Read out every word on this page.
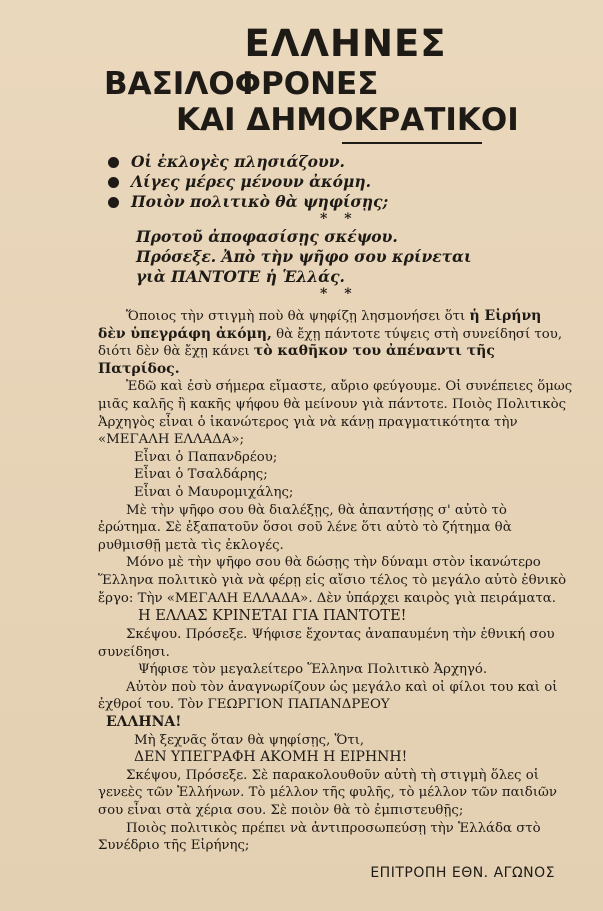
ΕΛΛΗΝΕΣ
ΒΑΣΙΛΟΦΡΟΝΕΣ
ΚΑΙ ΔΗΜΟΚΡΑΤΙΚΟΙ
Οἱ ἐκλογὲς πλησιάζουν.
Λίγες μέρες μένουν ἀκόμη.
Ποιὸν πολιτικὸ θὰ ψηφίσῃς;
* *
Προτοῦ ἀποφασίσῃς σκέψου.
Πρόσεξε. Ἀπὸ τὴν ψῆφο σου κρίνεται
γιὰ ΠΑΝΤΟΤΕ ἡ Ἑλλάς.
* *
Ὅποιος τὴν στιγμὴ ποὺ θὰ ψηφίζῃ λησμονήσει ὅτι ἡ Εἰρήνη δὲν ὑπεγράφη ἀκόμη, θὰ ἔχῃ πάντοτε τύψεις στὴ συνείδησί του, διότι δὲν θὰ ἔχῃ κάνει τὸ καθῆκον του ἀπέναντι τῆς Πατρίδος.
Ἐδῶ καὶ ἐσὺ σήμερα εἴμαστε, αὔριο φεύγουμε. Οἱ συνέπειες ὅμως μιᾶς καλῆς ἢ κακῆς ψήφου θὰ μείνουν γιὰ πάντοτε. Ποιὸς Πολιτικὸς Ἀρχηγὸς εἶναι ὁ ἱκανώτερος γιὰ νὰ κάνῃ πραγματικότητα τὴν «ΜΕΓΑΛΗ ΕΛΛΑΔΑ»;
Εἶναι ὁ Παπανδρέου;
Εἶναι ὁ Τσαλδάρης;
Εἶναι ὁ Μαυρομιχάλης;
Μὲ τὴν ψῆφο σου θὰ διαλέξῃς, θὰ ἀπαντήσῃς σ' αὐτὸ τὸ ἐρώτημα. Σὲ ἐξαπατοῦν ὅσοι σοῦ λένε ὅτι αὐτὸ τὸ ζήτημα θὰ ρυθμισθῇ μετὰ τὶς ἐκλογές.
Μόνο μὲ τὴν ψῆφο σου θὰ δώσῃς τὴν δύναμι στὸν ἱκανώτερο Ἕλληνα πολιτικὸ γιὰ νὰ φέρῃ εἰς αἴσιο τέλος τὸ μεγάλο αὐτὸ ἐθνικὸ ἔργο: Τὴν «ΜΕΓΑΛΗ ΕΛΛΑΔΑ». Δὲν ὑπάρχει καιρὸς γιὰ πειράματα.
Η ΕΛΛΑΣ ΚΡΙΝΕΤΑΙ ΓΙΑ ΠΑΝΤΟΤΕ!
Σκέψου. Πρόσεξε. Ψήφισε ἔχοντας ἀναπαυμένη τὴν ἐθνική σου συνείδησι.
Ψήφισε τὸν μεγαλείτερο Ἕλληνα Πολιτικὸ Ἀρχηγό.
Αὐτὸν ποὺ τὸν ἀναγνωρίζουν ὡς μεγάλο καὶ οἱ φίλοι του καὶ οἱ ἐχθροί του. Τὸν ΓΕΩΡΓΙΟΝ ΠΑΠΑΝΔΡΕΟΥ
ΕΛΛΗΝΑ!
Μὴ ξεχνᾶς ὅταν θὰ ψηφίσῃς, Ὅτι,
ΔΕΝ ΥΠΕΓΡΑΦΗ ΑΚΟΜΗ Η ΕΙΡΗΝΗ!
Σκέψου, Πρόσεξε. Σὲ παρακολουθοῦν αὐτὴ τὴ στιγμὴ ὅλες οἱ γενεὲς τῶν Ἑλλήνων. Τὸ μέλλον τῆς φυλῆς, τὸ μέλλον τῶν παιδιῶν σου εἶναι στὰ χέρια σου. Σὲ ποιὸν θὰ τὸ ἐμπιστευθῇς;
Ποιὸς πολιτικὸς πρέπει νὰ ἀντιπροσωπεύσῃ τὴν Ἑλλάδα στὸ Συνέδριο τῆς Εἰρήνης;
ΕΠΙΤΡΟΠΗ ΕΘΝ. ΑΓΩΝΟΣ
